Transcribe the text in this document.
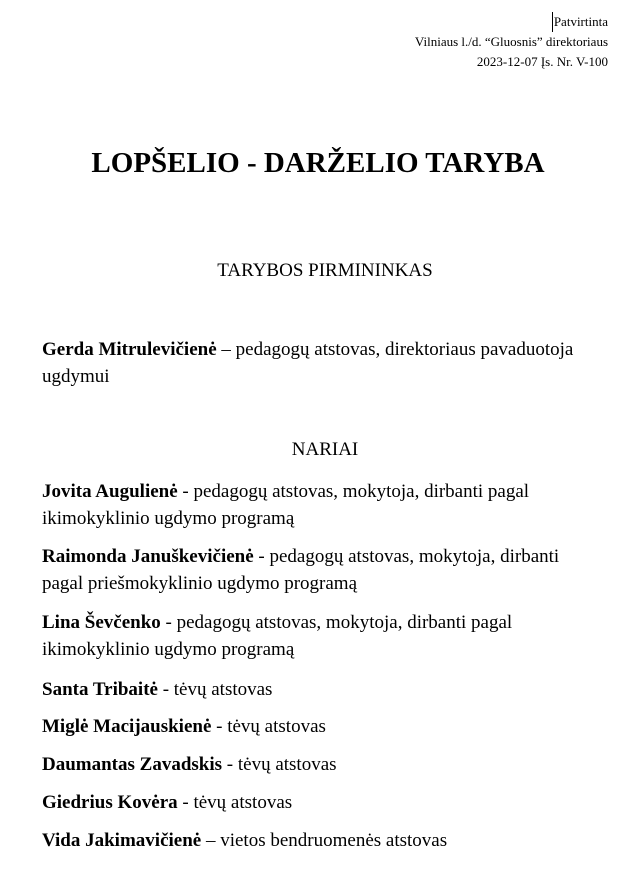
Patvirtinta
Vilniaus l./d. “Gluosnis” direktoriaus
2023-12-07 Įs. Nr. V-100
LOPŠELIO - DARŽELIO TARYBA

TARYBOS PIRMININKAS

Gerda Mitrulevičienė – pedagogų atstovas, direktoriaus pavaduotoja ugdymui

NARIAI

Jovita Augulienė - pedagogų atstovas, mokytoja, dirbanti pagal ikimokyklinio ugdymo programą

Raimonda Januškevičienė - pedagogų atstovas, mokytoja, dirbanti pagal priešmokyklinio ugdymo programą

Lina Ševčenko - pedagogų atstovas, mokytoja, dirbanti pagal ikimokyklinio ugdymo programą

Santa Tribaitė - tėvų atstovas

Miglė Macijauskienė - tėvų atstovas

Daumantas Zavadskis - tėvų atstovas

Giedrius Kovėra - tėvų atstovas

Vida Jakimavičienė – vietos bendruomenės atstovas
